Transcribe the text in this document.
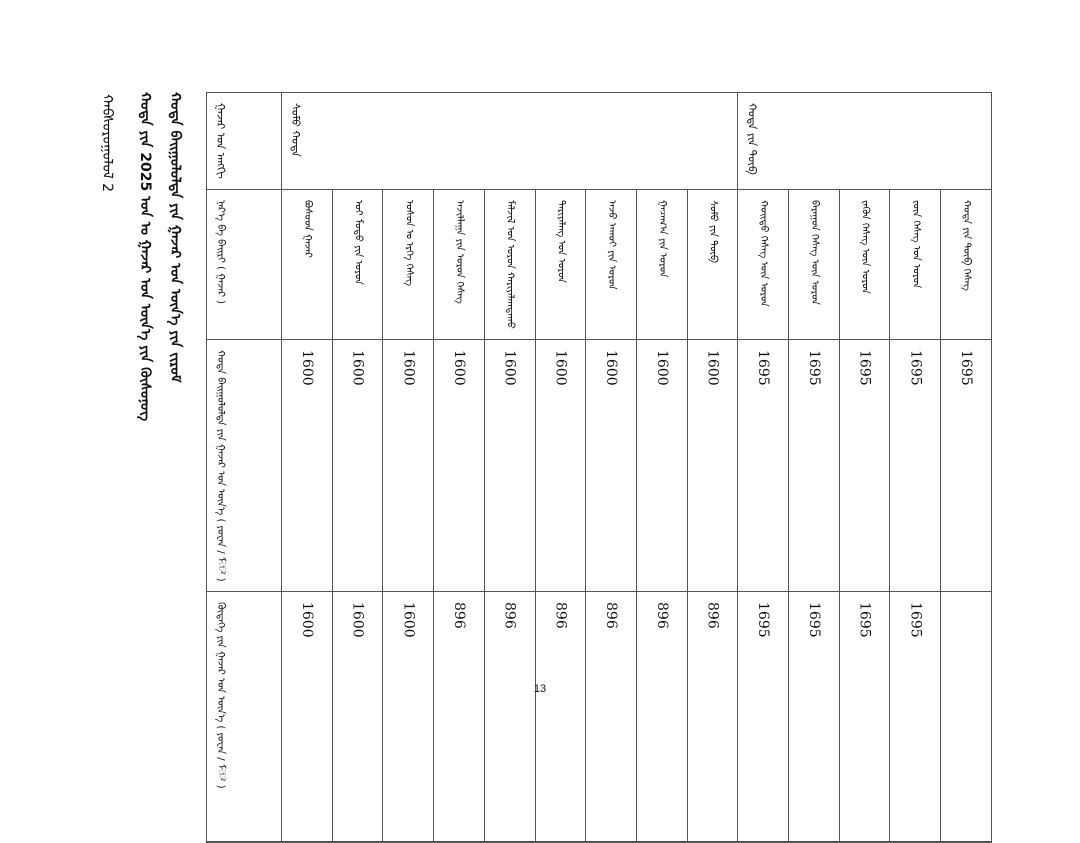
ᠬᠣᠲᠠ ᠪᠠᠢᠭᠤᠯᠤᠯᠲᠠ ᠶᠢᠨ ᠭᠠᠵᠠᠷ ᠤᠨ ᠦᠨ᠎ᠡ ᠶᠢᠨ ᠵᠢᠷᠤᠮ
ᠬᠣᠲᠠ ᠶᠢᠨ 2025 ᠣᠨ ᠤ ᠭᠠᠵᠠᠷ ᠤᠨ ᠦᠨ᠎ᠡ ᠶᠢᠨ ᠬᠦᠰᠦᠨᠦᠭ
ᠬᠠᠪᠰᠤᠷᠤᠭᠤᠯᠤᠯ 2	ᠭᠠᠵᠠᠷ ᠤᠨ ᠠᠩᠭᠢ	ᠰᠤᠮᠤ ᠬᠣᠲᠠ									ᠬᠣᠲᠠ ᠶᠢᠨ ᠲᠥᠪ				

ᠨᠡᠷ᠎ᠡ ᠪᠠ ᠪᠠᠢᠷᠢ ( ᠭᠠᠵᠠᠷ )	ᠪᠤᠰᠤᠳ ᠭᠠᠵᠠᠷ	ᠣᠢ ᠮᠣᠳᠤ ᠶᠢᠨ ᠣᠷᠣᠨ	ᠤᠰᠤᠨ ᠤ ᠡᠷᠭᠡ ᠬᠡᠰᠡᠭ	ᠠᠵᠢᠯᠯᠠᠭᠠ ᠶᠢᠨ ᠣᠷᠣᠨ ᠬᠡᠰᠡᠭ	ᠮᠠᠯᠵᠢᠯ ᠤᠨ ᠣᠷᠣᠨ ᠬᠠᠷᠢᠶᠠᠯᠠᠭᠳᠠᠬᠤ	ᠲᠠᠷᠢᠶᠠᠯᠠᠩ ᠤᠨ ᠣᠷᠣᠨ	ᠠᠵᠤ ᠠᠬᠤᠢ ᠶᠢᠨ ᠣᠷᠣᠨ	ᠭᠠᠴᠠᠭ᠎ᠠ ᠶᠢᠨ ᠣᠷᠣᠨ	ᠰᠤᠮᠤ ᠶᠢᠨ ᠲᠥᠪ	ᠬᠣᠢᠲᠤ ᠬᠡᠰᠡᠭ ᠦᠨ ᠣᠷᠣᠨ	ᠪᠠᠷᠠᠭᠤᠨ ᠬᠡᠰᠡᠭ ᠦᠨ ᠣᠷᠣᠨ	ᠵᠡᠭᠦᠨ ᠬᠡᠰᠡᠭ ᠦᠨ ᠣᠷᠣᠨ	ᠵᠦᠨ ᠬᠡᠰᠡᠭ ᠤᠨ ᠣᠷᠣᠨ	ᠬᠣᠲᠠ ᠶᠢᠨ ᠲᠥᠪ ᠬᠡᠰᠡᠭ

ᠬᠣᠲᠠ ᠪᠠᠢᠭᠤᠯᠤᠯᠲᠠ ᠶᠢᠨ ᠭᠠᠵᠠᠷ ᠤᠨ ᠦᠨ᠎ᠡ ( ᠶᠤᠸᠠᠨ / ᠮ᠋² )	1600	1600	1600	1600	1600	1600	1600	1600	1600	1695	1695	1695	1695	1695

ᠬᠥᠳᠡᠭᠡ ᠶᠢᠨ ᠭᠠᠵᠠᠷ ᠤᠨ ᠦᠨ᠎ᠡ ( ᠶᠤᠸᠠᠨ / ᠮ᠋² )	1600	1600	1600	896	896	896	896	896	896	1695	1695	1695	1695	

13
